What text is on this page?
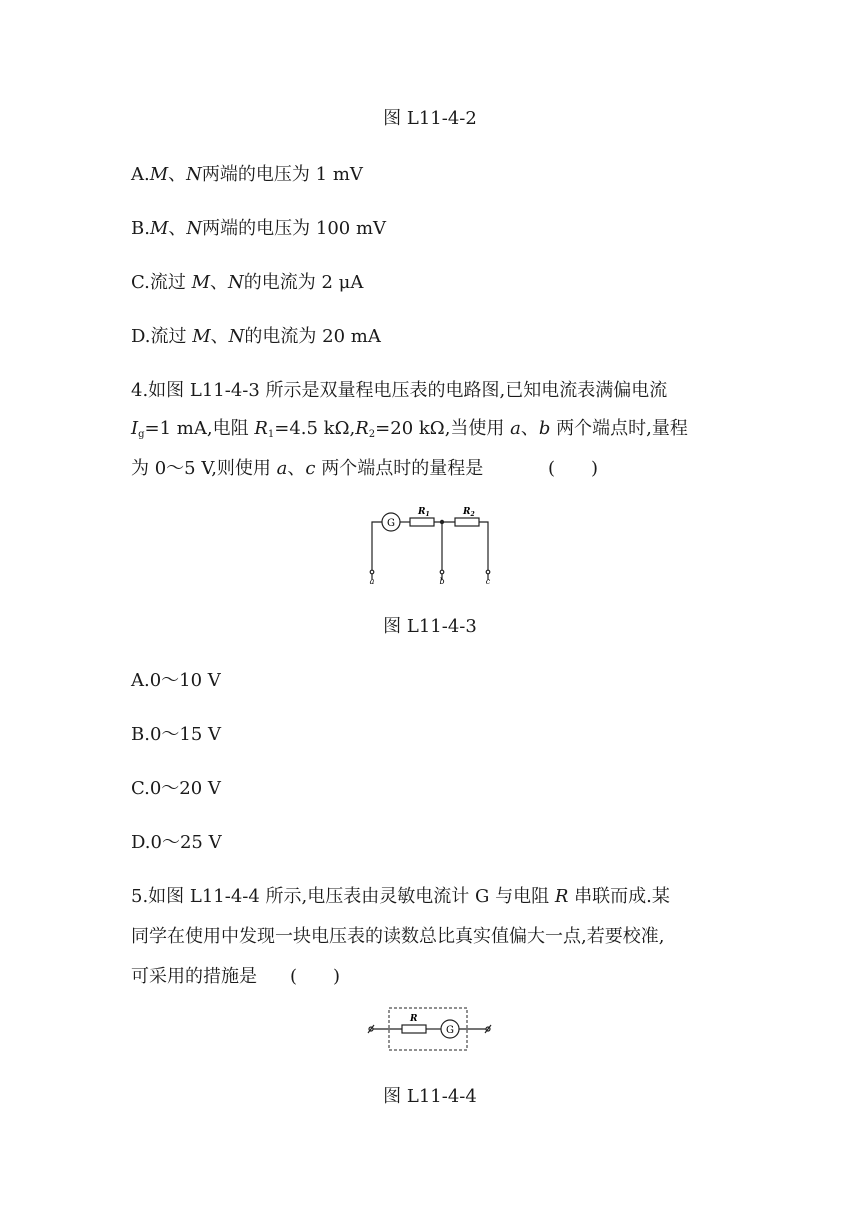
图 L11-4-2
A.M、N两端的电压为 1 mV
B.M、N两端的电压为 100 mV
C.流过 M、N的电流为 2 μA
D.流过 M、N的电流为 20 mA
4.如图 L11-4-3 所示是双量程电压表的电路图,已知电流表满偏电流
$I_g=1$ mA,电阻 $R_1=4.5$ $k\Omega,R_2=20$ kΩ,当使用 a、b 两个端点时,量程
为 0～5 V,则使用 a、c 两个端点时的量程是	(　　)
G
$R_1$	$R_2$
a	b	c
图 L11-4-3
A.0～10 V
B.0～15 V
C.0～20 V
D.0～25 V
5.如图 L11-4-4 所示,电压表由灵敏电流计 G 与电阻 R 串联而成.某
同学在使用中发现一块电压表的读数总比真实值偏大一点,若要校准,
可采用的措施是 (　　)
R
G
图 L11-4-4
